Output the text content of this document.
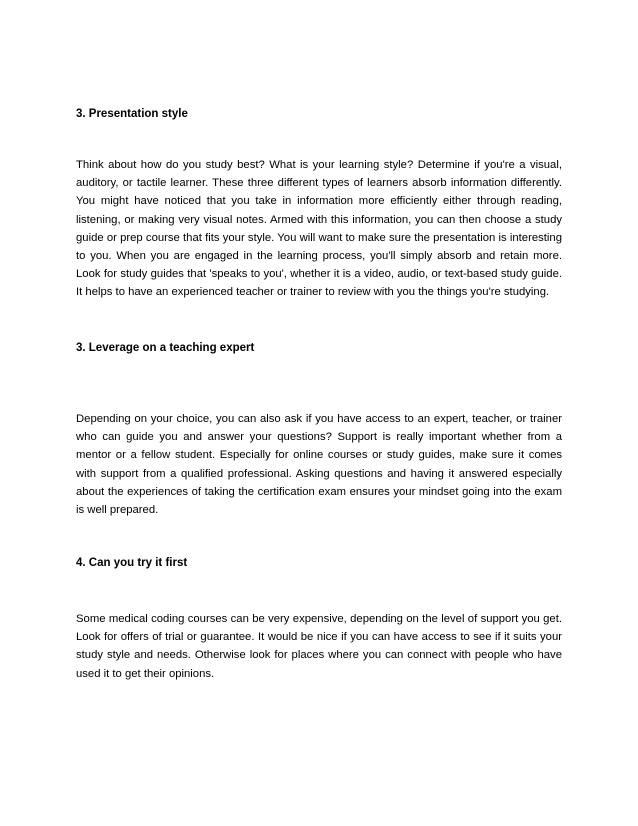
3. Presentation style

Think about how do you study best? What is your learning style? Determine if you're a visual, auditory, or tactile learner. These three different types of learners absorb information differently. You might have noticed that you take in information more efficiently either through reading, listening, or making very visual notes. Armed with this information, you can then choose a study guide or prep course that fits your style. You will want to make sure the presentation is interesting to you. When you are engaged in the learning process, you'll simply absorb and retain more. Look for study guides that 'speaks to you', whether it is a video, audio, or text-based study guide. It helps to have an experienced teacher or trainer to review with you the things you're studying.

3. Leverage on a teaching expert

Depending on your choice, you can also ask if you have access to an expert, teacher, or trainer who can guide you and answer your questions? Support is really important whether from a mentor or a fellow student. Especially for online courses or study guides, make sure it comes with support from a qualified professional. Asking questions and having it answered especially about the experiences of taking the certification exam ensures your mindset going into the exam is well prepared.

4. Can you try it first

Some medical coding courses can be very expensive, depending on the level of support you get. Look for offers of trial or guarantee. It would be nice if you can have access to see if it suits your study style and needs. Otherwise look for places where you can connect with people who have used it to get their opinions.
